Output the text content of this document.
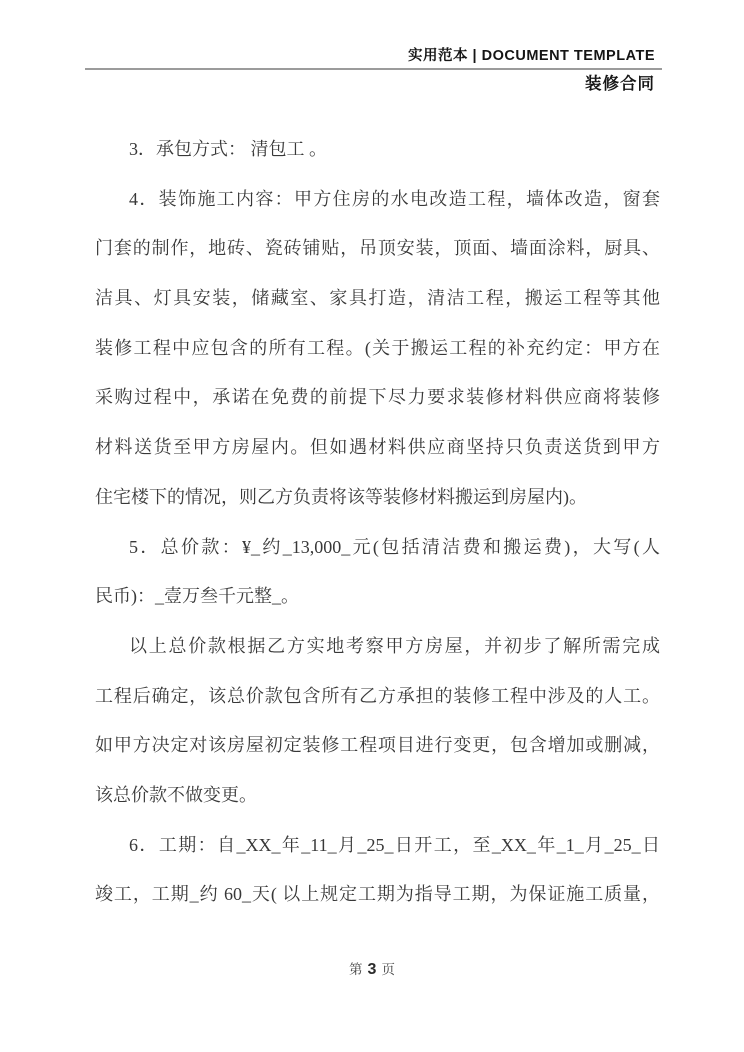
实用范本 | DOCUMENT TEMPLATE
装修合同
3．承包方式： 清包工 。
4．装饰施工内容：甲方住房的水电改造工程，墙体改造，窗套
门套的制作，地砖、瓷砖铺贴，吊顶安装，顶面、墙面涂料，厨具、
洁具、灯具安装，储藏室、家具打造，清洁工程，搬运工程等其他
装修工程中应包含的所有工程。(关于搬运工程的补充约定：甲方在
采购过程中，承诺在免费的前提下尽力要求装修材料供应商将装修
材料送货至甲方房屋内。但如遇材料供应商坚持只负责送货到甲方
住宅楼下的情况，则乙方负责将该等装修材料搬运到房屋内)。
5．总价款：¥_约_13,000_元(包括清洁费和搬运费)，大写(人
民币)：_壹万叁千元整_。
以上总价款根据乙方实地考察甲方房屋，并初步了解所需完成
工程后确定，该总价款包含所有乙方承担的装修工程中涉及的人工。
如甲方决定对该房屋初定装修工程项目进行变更，包含增加或删减，
该总价款不做变更。
6．工期：自_XX_年_11_月_25_日开工，至_XX_年_1_月_25_日
竣工，工期_约 60_天( 以上规定工期为指导工期，为保证施工质量，
第 3 页
